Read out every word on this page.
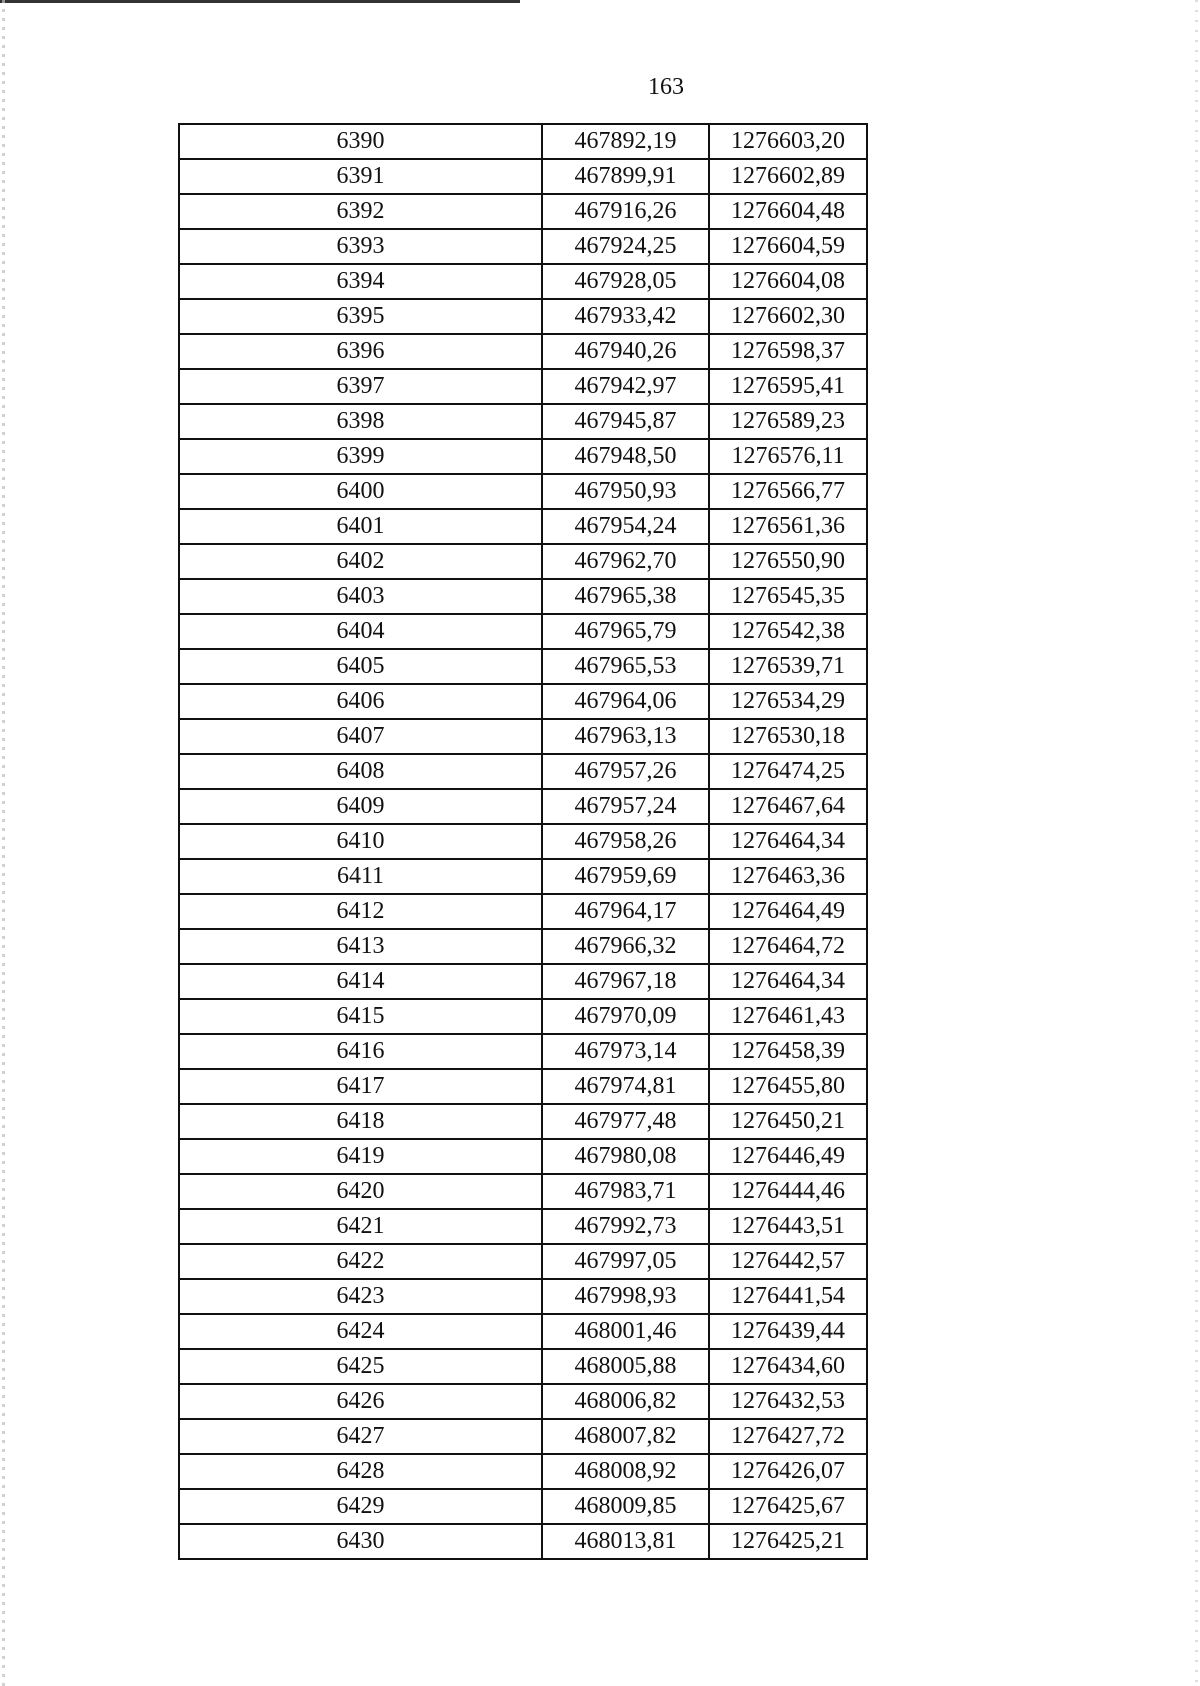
163
6390	467892,19	1276603,20
6391	467899,91	1276602,89
6392	467916,26	1276604,48
6393	467924,25	1276604,59
6394	467928,05	1276604,08
6395	467933,42	1276602,30
6396	467940,26	1276598,37
6397	467942,97	1276595,41
6398	467945,87	1276589,23
6399	467948,50	1276576,11
6400	467950,93	1276566,77
6401	467954,24	1276561,36
6402	467962,70	1276550,90
6403	467965,38	1276545,35
6404	467965,79	1276542,38
6405	467965,53	1276539,71
6406	467964,06	1276534,29
6407	467963,13	1276530,18
6408	467957,26	1276474,25
6409	467957,24	1276467,64
6410	467958,26	1276464,34
6411	467959,69	1276463,36
6412	467964,17	1276464,49
6413	467966,32	1276464,72
6414	467967,18	1276464,34
6415	467970,09	1276461,43
6416	467973,14	1276458,39
6417	467974,81	1276455,80
6418	467977,48	1276450,21
6419	467980,08	1276446,49
6420	467983,71	1276444,46
6421	467992,73	1276443,51
6422	467997,05	1276442,57
6423	467998,93	1276441,54
6424	468001,46	1276439,44
6425	468005,88	1276434,60
6426	468006,82	1276432,53
6427	468007,82	1276427,72
6428	468008,92	1276426,07
6429	468009,85	1276425,67
6430	468013,81	1276425,21
